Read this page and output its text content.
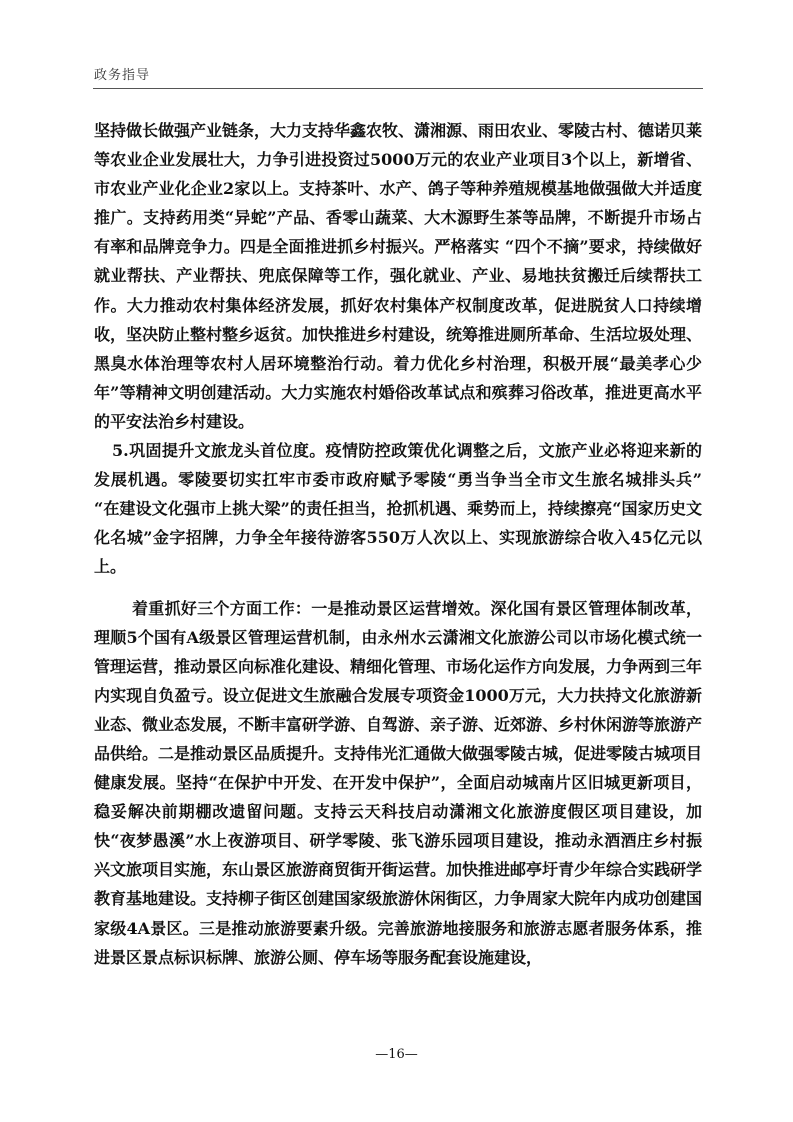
政务指导

坚持做长做强产业链条，大力支持华鑫农牧、潇湘源、雨田农业、零陵古村、德诺贝莱等农业企业发展壮大，力争引进投资过5000万元的农业产业项目3个以上，新增省、市农业产业化企业2家以上。支持茶叶、水产、鸽子等种养殖规模基地做强做大并适度推广。支持药用类“异蛇”产品、香零山蔬菜、大木源野生茶等品牌，不断提升市场占有率和品牌竞争力。四是全面推进抓乡村振兴。严格落实 “四个不摘”要求，持续做好就业帮扶、产业帮扶、兜底保障等工作，强化就业、产业、易地扶贫搬迁后续帮扶工作。大力推动农村集体经济发展，抓好农村集体产权制度改革，促进脱贫人口持续增收，坚决防止整村整乡返贫。加快推进乡村建设，统筹推进厕所革命、生活垃圾处理、黑臭水体治理等农村人居环境整治行动。着力优化乡村治理，积极开展“最美孝心少年”等精神文明创建活动。大力实施农村婚俗改革试点和殡葬习俗改革，推进更高水平的平安法治乡村建设。

5.巩固提升文旅龙头首位度。疫情防控政策优化调整之后，文旅产业必将迎来新的发展机遇。零陵要切实扛牢市委市政府赋予零陵“勇当争当全市文生旅名城排头兵” “在建设文化强市上挑大梁”的责任担当，抢抓机遇、乘势而上，持续擦亮“国家历史文化名城”金字招牌，力争全年接待游客550万人次以上、实现旅游综合收入45亿元以上。

着重抓好三个方面工作：一是推动景区运营增效。深化国有景区管理体制改革，理顺5个国有A级景区管理运营机制，由永州水云潇湘文化旅游公司以市场化模式统一管理运营，推动景区向标准化建设、精细化管理、市场化运作方向发展，力争两到三年内实现自负盈亏。设立促进文生旅融合发展专项资金1000万元，大力扶持文化旅游新业态、微业态发展，不断丰富研学游、自驾游、亲子游、近郊游、乡村休闲游等旅游产品供给。二是推动景区品质提升。支持伟光汇通做大做强零陵古城，促进零陵古城项目健康发展。坚持“在保护中开发、在开发中保护”，全面启动城南片区旧城更新项目，稳妥解决前期棚改遗留问题。支持云天科技启动潇湘文化旅游度假区项目建设，加快“夜梦愚溪”水上夜游项目、研学零陵、张飞游乐园项目建设，推动永酒酒庄乡村振兴文旅项目实施，东山景区旅游商贸街开街运营。加快推进邮亭圩青少年综合实践研学教育基地建设。支持柳子街区创建国家级旅游休闲街区，力争周家大院年内成功创建国家级4A景区。三是推动旅游要素升级。完善旅游地接服务和旅游志愿者服务体系，推进景区景点标识标牌、旅游公厕、停车场等服务配套设施建设，

—16—
